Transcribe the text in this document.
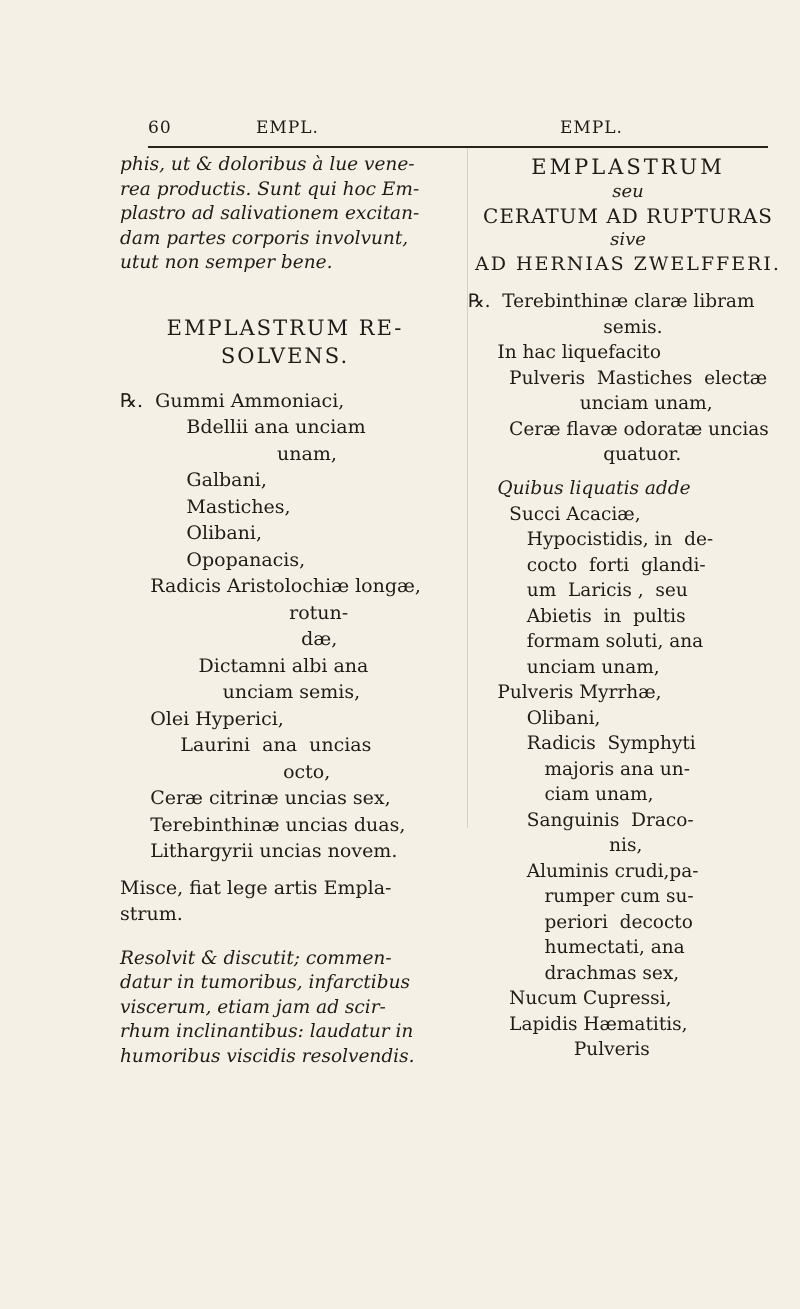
60	EMPL.	EMPL.
phis, ut & doloribus à lue vene-
rea productis. Sunt qui hoc Em-
plastro ad salivationem excitan-
dam partes corporis involvunt,
utut non semper bene.
EMPLASTRUM RE-
SOLVENS.
℞.  Gummi Ammoniaci,
Bdellii ana unciam
unam,
Galbani,
Mastiches,
Olibani,
Opopanacis,
Radicis Aristolochiæ longæ,
rotun-
dæ,
Dictamni albi ana
unciam semis,
Olei Hyperici,
Laurini  ana  uncias
octo,
Ceræ citrinæ uncias sex,
Terebinthinæ uncias duas,
Lithargyrii uncias novem.
Misce, fiat lege artis Empla-
strum.
Resolvit & discutit; commen-
datur in tumoribus, infarctibus
viscerum, etiam jam ad scir-
rhum inclinantibus: laudatur in
humoribus viscidis resolvendis.
EMPLASTRUM
seu
CERATUM AD RUPTURAS
sive
AD HERNIAS ZWELFFERI.
℞.  Terebinthinæ claræ libram
semis.
In hac liquefacito
Pulveris  Mastiches  electæ
unciam unam,
Ceræ flavæ odoratæ uncias
quatuor.
Quibus liquatis adde
Succi Acaciæ,
Hypocistidis, in  de-
cocto  forti  glandi-
um  Laricis ,  seu
Abietis  in  pultis
formam soluti, ana
unciam unam,
Pulveris Myrrhæ,
Olibani,
Radicis  Symphyti
majoris ana un-
ciam unam,
Sanguinis  Draco-
nis,
Aluminis crudi,pa-
rumper cum su-
periori  decocto
humectati, ana
drachmas sex,
Nucum Cupressi,
Lapidis Hæmatitis,
Pulveris
